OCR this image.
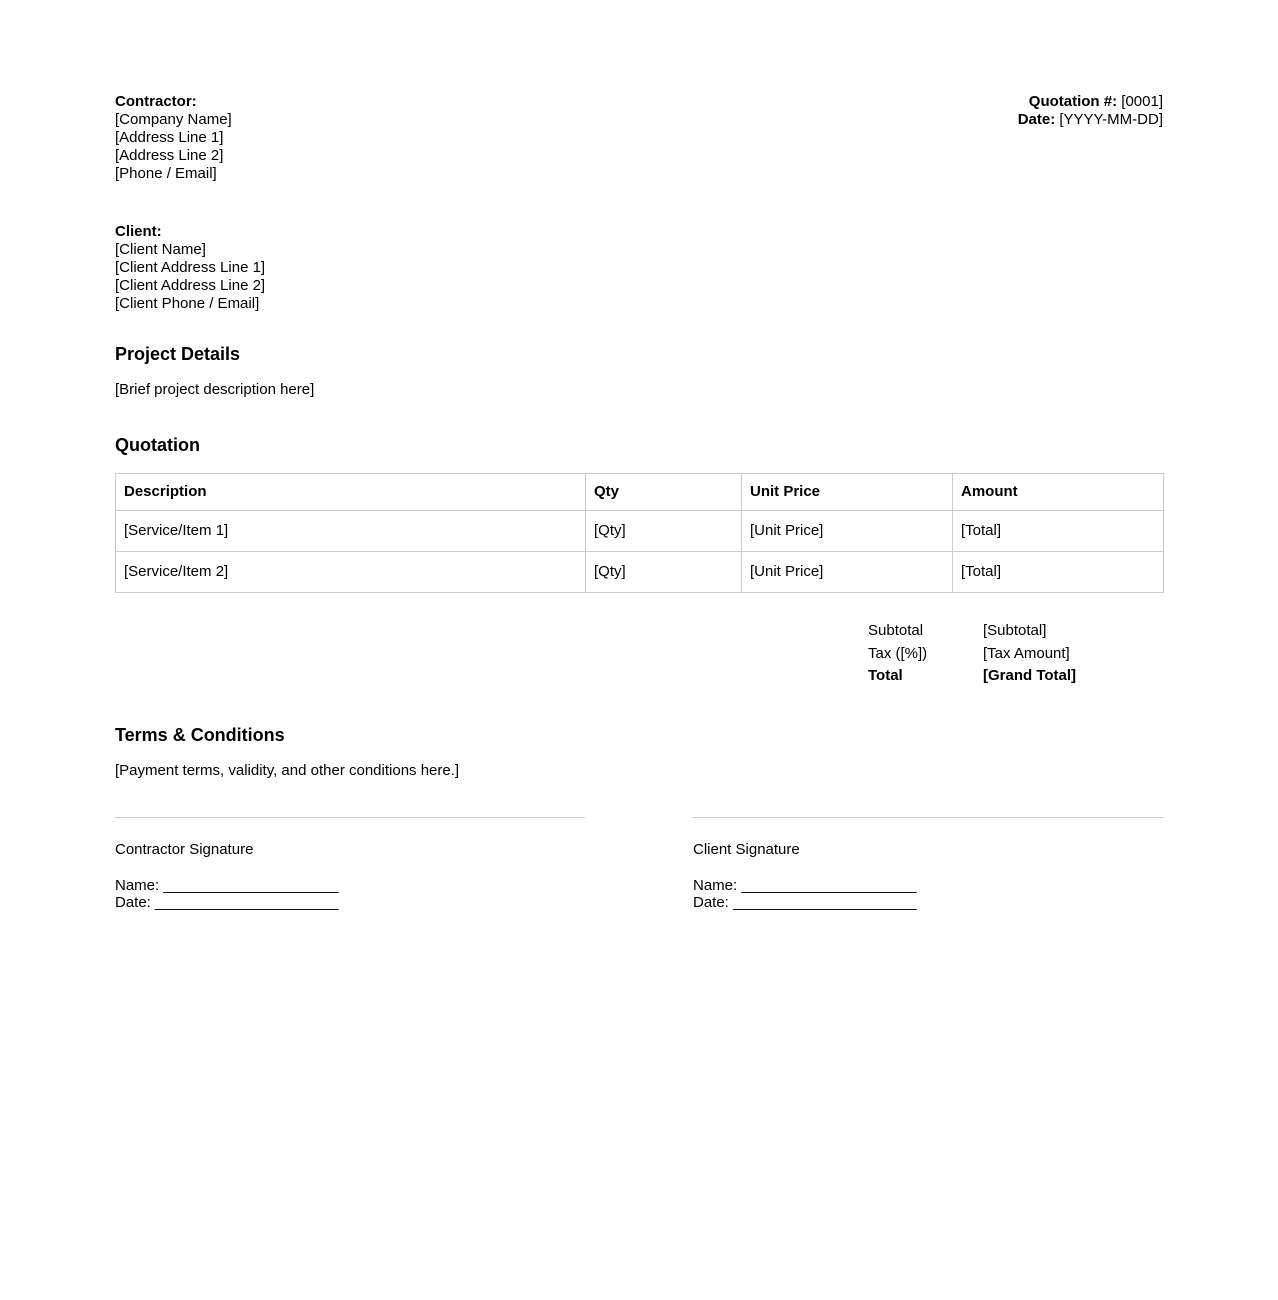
Contractor:
[Company Name]
[Address Line 1]
[Address Line 2]
[Phone / Email]
Quotation #: [0001]
Date: [YYYY-MM-DD]
Client:
[Client Name]
[Client Address Line 1]
[Client Address Line 2]
[Client Phone / Email]
Project Details

[Brief project description here]

Quotation
Description	Qty	Unit Price	Amount
[Service/Item 1]	[Qty]	[Unit Price]	[Total]
[Service/Item 2]	[Qty]	[Unit Price]	[Total]
Subtotal	[Subtotal]
Tax ([%])	[Tax Amount]
Total	[Grand Total]
Terms & Conditions

[Payment terms, validity, and other conditions here.]

Contractor Signature
Name: _____________________
Date: ______________________
Client Signature
Name: _____________________
Date: ______________________
